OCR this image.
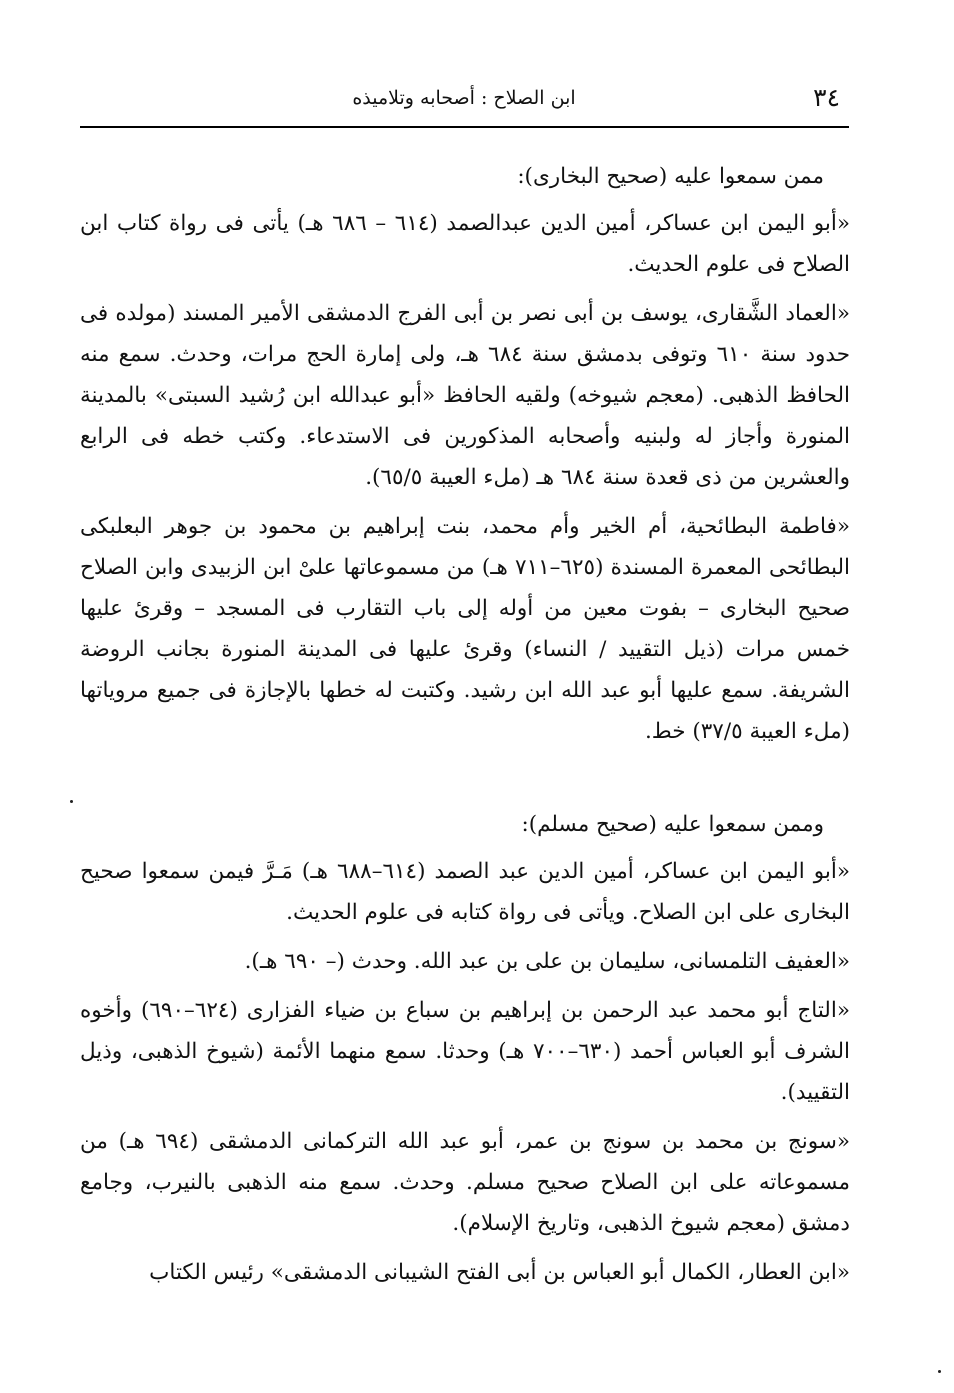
٣٤
ابن الصلاح : أصحابه وتلاميذه
ممن سمعوا عليه (صحيح البخارى):

«أبو اليمن ابن عساكر، أمين الدين عبدالصمد (٦١٤ – ٦٨٦ هـ) يأتى فى رواة كتاب ابن الصلاح فى علوم الحديث.

«العماد الشَّقارى، يوسف بن أبى نصر بن أبى الفرج الدمشقى الأمير المسند (مولده فى حدود سنة ٦١٠ وتوفى بدمشق سنة ٦٨٤ هـ، ولى إمارة الحج مرات، وحدث. سمع منه الحافظ الذهبى. (معجم شيوخه) ولقيه الحافظ «أبو عبدالله ابن رُشيد السبتى» بالمدينة المنورة وأجاز له ولبنيه وأصحابه المذكورين فى الاستدعاء. وكتب خطه فى الرابع والعشرين من ذى قعدة سنة ٦٨٤ هـ (ملء العيبة ٦٥/٥).

«فاطمة البطائحية، أم الخير وأم محمد، بنت إبراهيم بن محمود بن جوهر البعلبكى البطائحى المعمرة المسندة (٦٢٥–٧١١ هـ) من مسموعاتها علىْ ابن الزبيدى وابن الصلاح صحيح البخارى – بفوت معين من أوله إلى باب التقارب فى المسجد – وقرئ عليها خمس مرات (ذيل التقييد / النساء) وقرئ عليها فى المدينة المنورة بجانب الروضة الشريفة. سمع عليها أبو عبد الله ابن رشيد. وكتبت له خطها بالإجازة فى جميع مروياتها (ملء العيبة ٣٧/٥) خط.

وممن سمعوا عليه (صحيح مسلم):

«أبو اليمن ابن عساكر، أمين الدين عبد الصمد (٦١٤–٦٨٨ هـ) مَـرَّ فيمن سمعوا صحيح البخارى على ابن الصلاح. ويأتى فى رواة كتابه فى علوم الحديث.

«العفيف التلمسانى، سليمان بن على بن عبد الله. وحدث (– ٦٩٠ هـ).

«التاج أبو محمد عبد الرحمن بن إبراهيم بن سباع بن ضياء الفزارى (٦٢٤–٦٩٠) وأخوه الشرف أبو العباس أحمد (٦٣٠–٧٠٠ هـ) وحدثا. سمع منهما الأئمة (شيوخ الذهبى، وذيل التقييد).

«سونج بن محمد بن سونج بن عمر، أبو عبد الله التركمانى الدمشقى (٦٩٤ هـ) من مسموعاته على ابن الصلاح صحيح مسلم. وحدث. سمع منه الذهبى بالنيرب، وجامع دمشق (معجم شيوخ الذهبى، وتاريخ الإسلام).

«ابن العطار، الكمال أبو العباس بن أبى الفتح الشيبانى الدمشقى» رئيس الكتاب
